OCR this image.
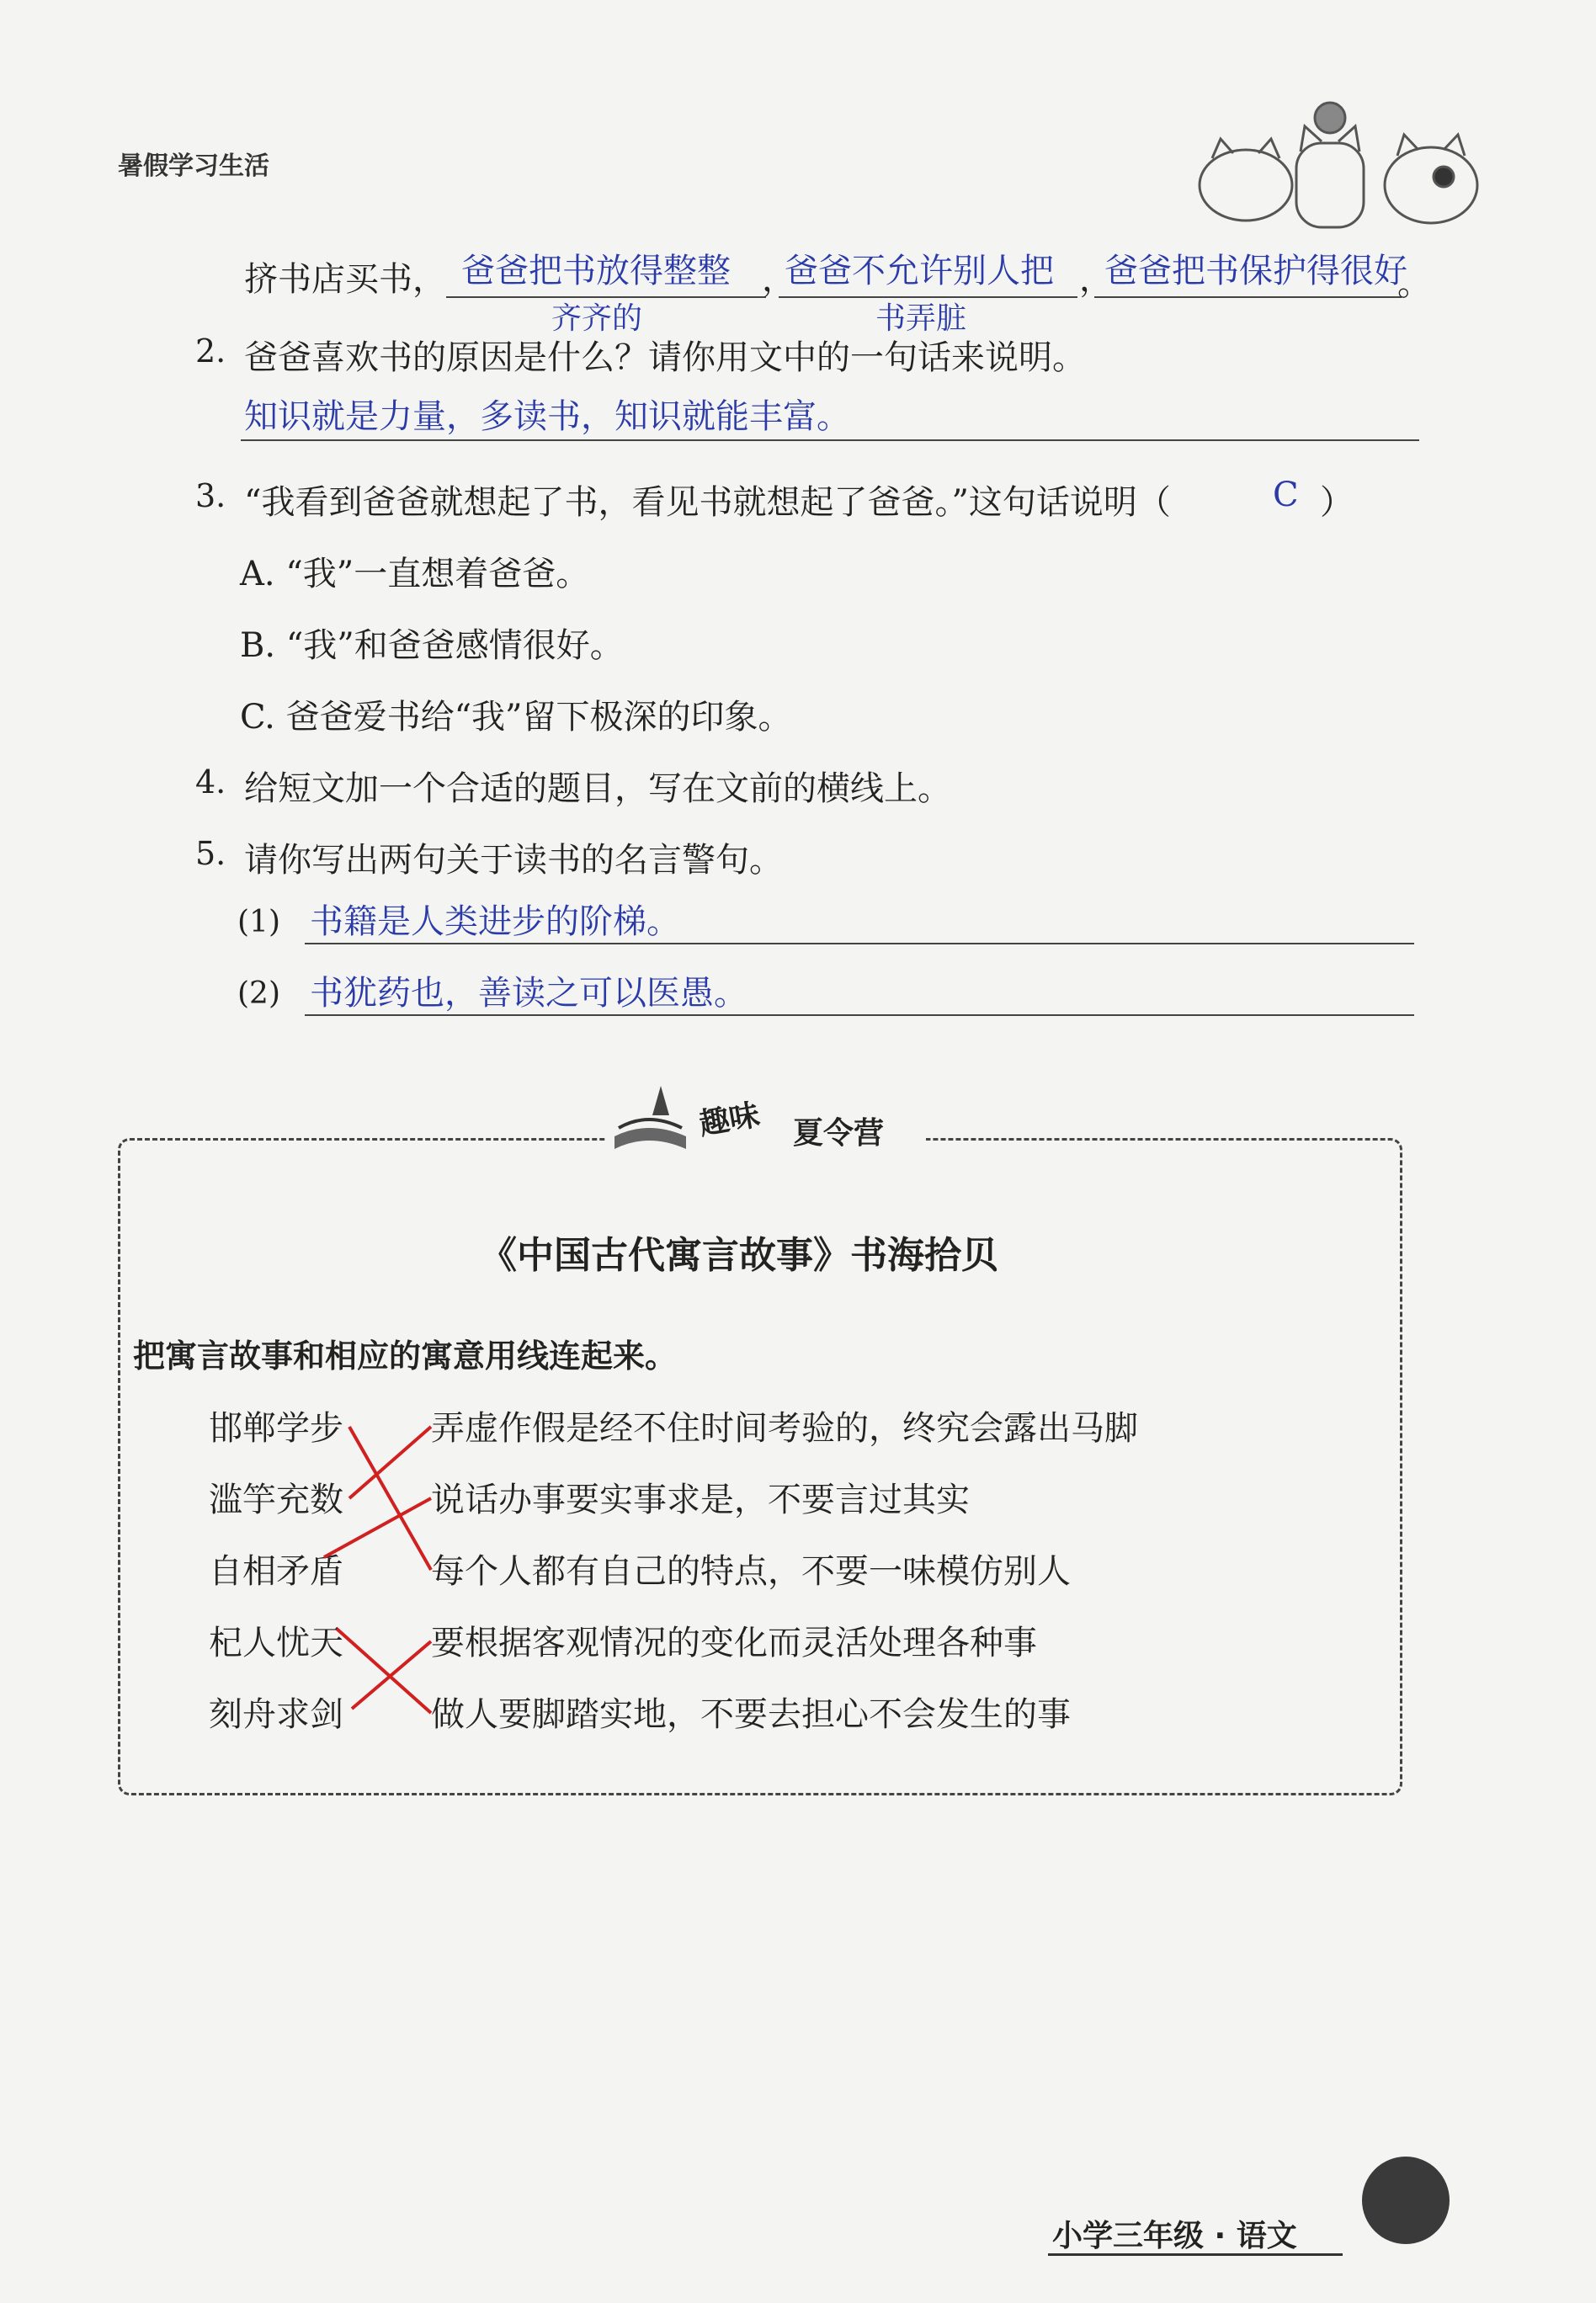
暑假学习生活
挤书店买书， 爸爸把书放得整整
齐齐的
，
爸爸不允许别人把
书弄脏
，
爸爸把书保护得很好
。
2. 爸爸喜欢书的原因是什么？请你用文中的一句话来说明。
知识就是力量，多读书，知识就能丰富。
3. “我看到爸爸就想起了书，看见书就想起了爸爸。”这句话说明（	C ）
A. “我”一直想着爸爸。
B. “我”和爸爸感情很好。
C. 爸爸爱书给“我”留下极深的印象。
4. 给短文加一个合适的题目，写在文前的横线上。
5. 请你写出两句关于读书的名言警句。
(1) 书籍是人类进步的阶梯。
(2) 书犹药也，善读之可以医愚。
趣味 夏令营
《中国古代寓言故事》书海拾贝
把寓言故事和相应的寓意用线连起来。
邯郸学步
滥竽充数
自相矛盾
杞人忧天
刻舟求剑
弄虚作假是经不住时间考验的，终究会露出马脚
说话办事要实事求是，不要言过其实
每个人都有自己的特点，不要一味模仿别人
要根据客观情况的变化而灵活处理各种事
做人要脚踏实地，不要去担心不会发生的事
小学三年级 · 语文
